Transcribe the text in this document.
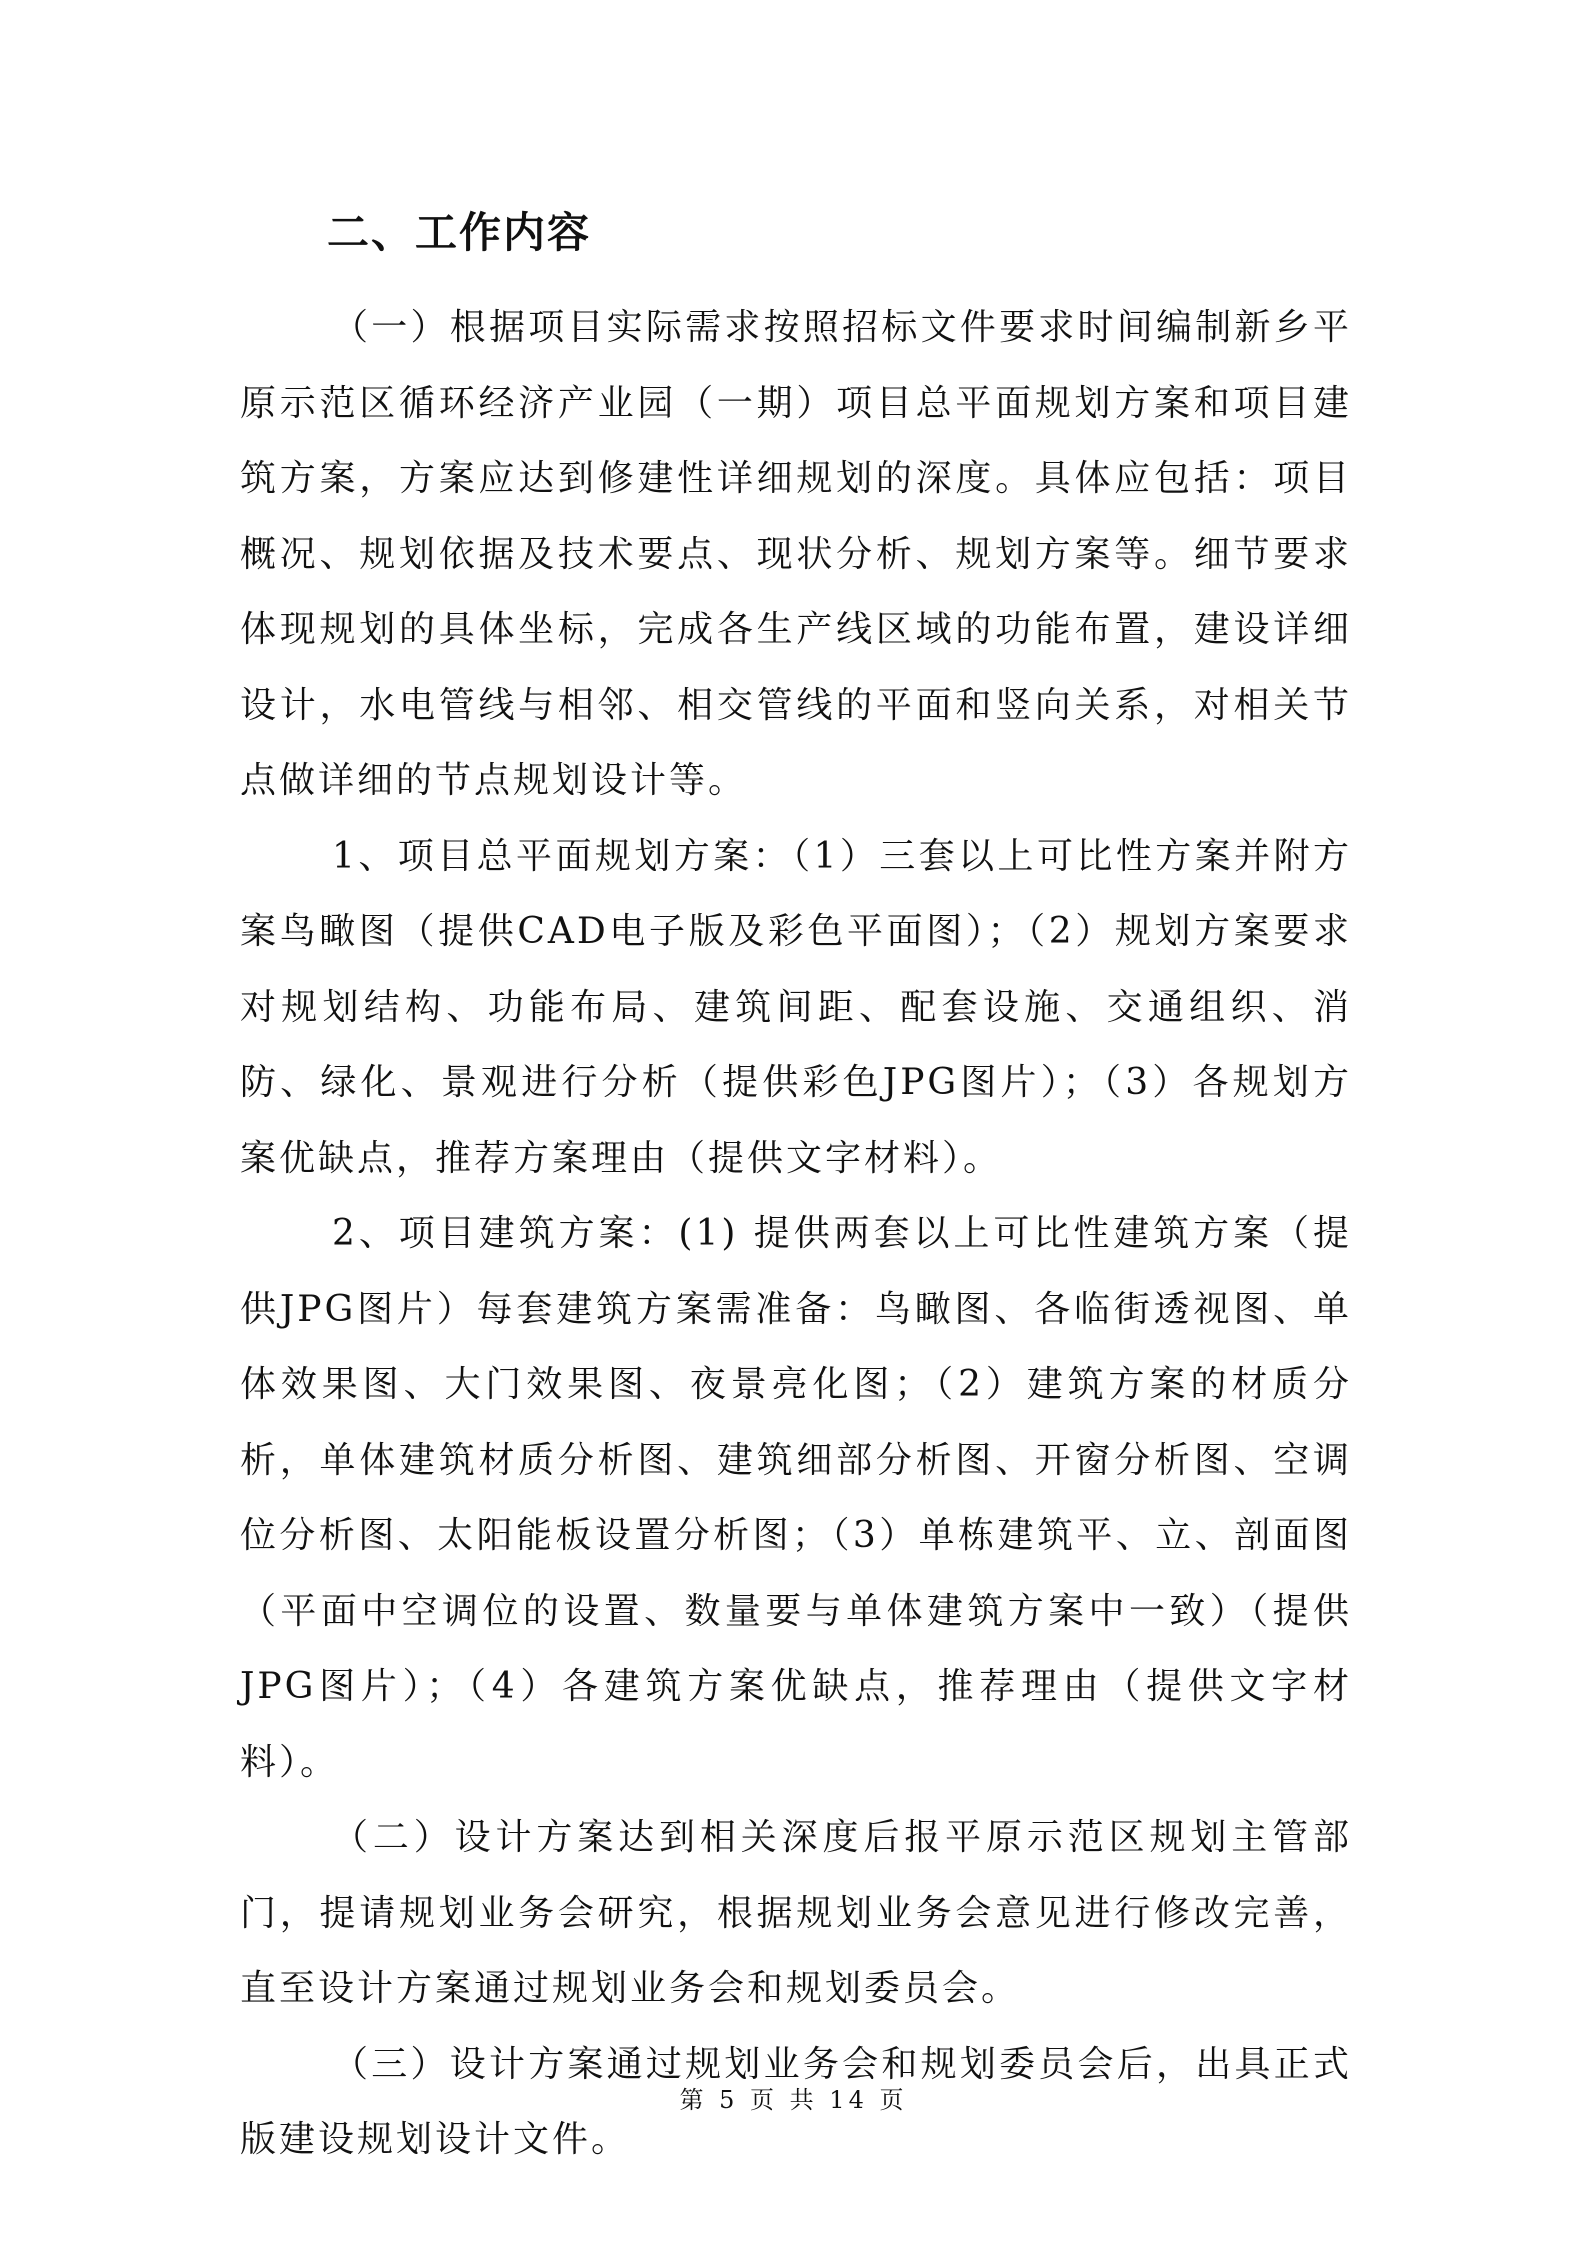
二、工作内容

（一）根据项目实际需求按照招标文件要求时间编制新乡平原示范区循环经济产业园（一期）项目总平面规划方案和项目建筑方案，方案应达到修建性详细规划的深度。具体应包括：项目概况、规划依据及技术要点、现状分析、规划方案等。细节要求体现规划的具体坐标，完成各生产线区域的功能布置，建设详细设计，水电管线与相邻、相交管线的平面和竖向关系，对相关节点做详细的节点规划设计等。

1、项目总平面规划方案：（1）三套以上可比性方案并附方案鸟瞰图（提供CAD电子版及彩色平面图）；（2）规划方案要求对规划结构、功能布局、建筑间距、配套设施、交通组织、消防、绿化、景观进行分析（提供彩色JPG图片）；（3）各规划方案优缺点，推荐方案理由（提供文字材料）。

2、项目建筑方案：(1) 提供两套以上可比性建筑方案（提供JPG图片）每套建筑方案需准备：鸟瞰图、各临街透视图、单体效果图、大门效果图、夜景亮化图；（2）建筑方案的材质分析，单体建筑材质分析图、建筑细部分析图、开窗分析图、空调位分析图、太阳能板设置分析图；（3）单栋建筑平、立、剖面图（平面中空调位的设置、数量要与单体建筑方案中一致）（提供JPG图片）；（4）各建筑方案优缺点，推荐理由（提供文字材料）。

（二）设计方案达到相关深度后报平原示范区规划主管部门，提请规划业务会研究，根据规划业务会意见进行修改完善，直至设计方案通过规划业务会和规划委员会。

（三）设计方案通过规划业务会和规划委员会后，出具正式版建设规划设计文件。

第 5 页 共 14 页
